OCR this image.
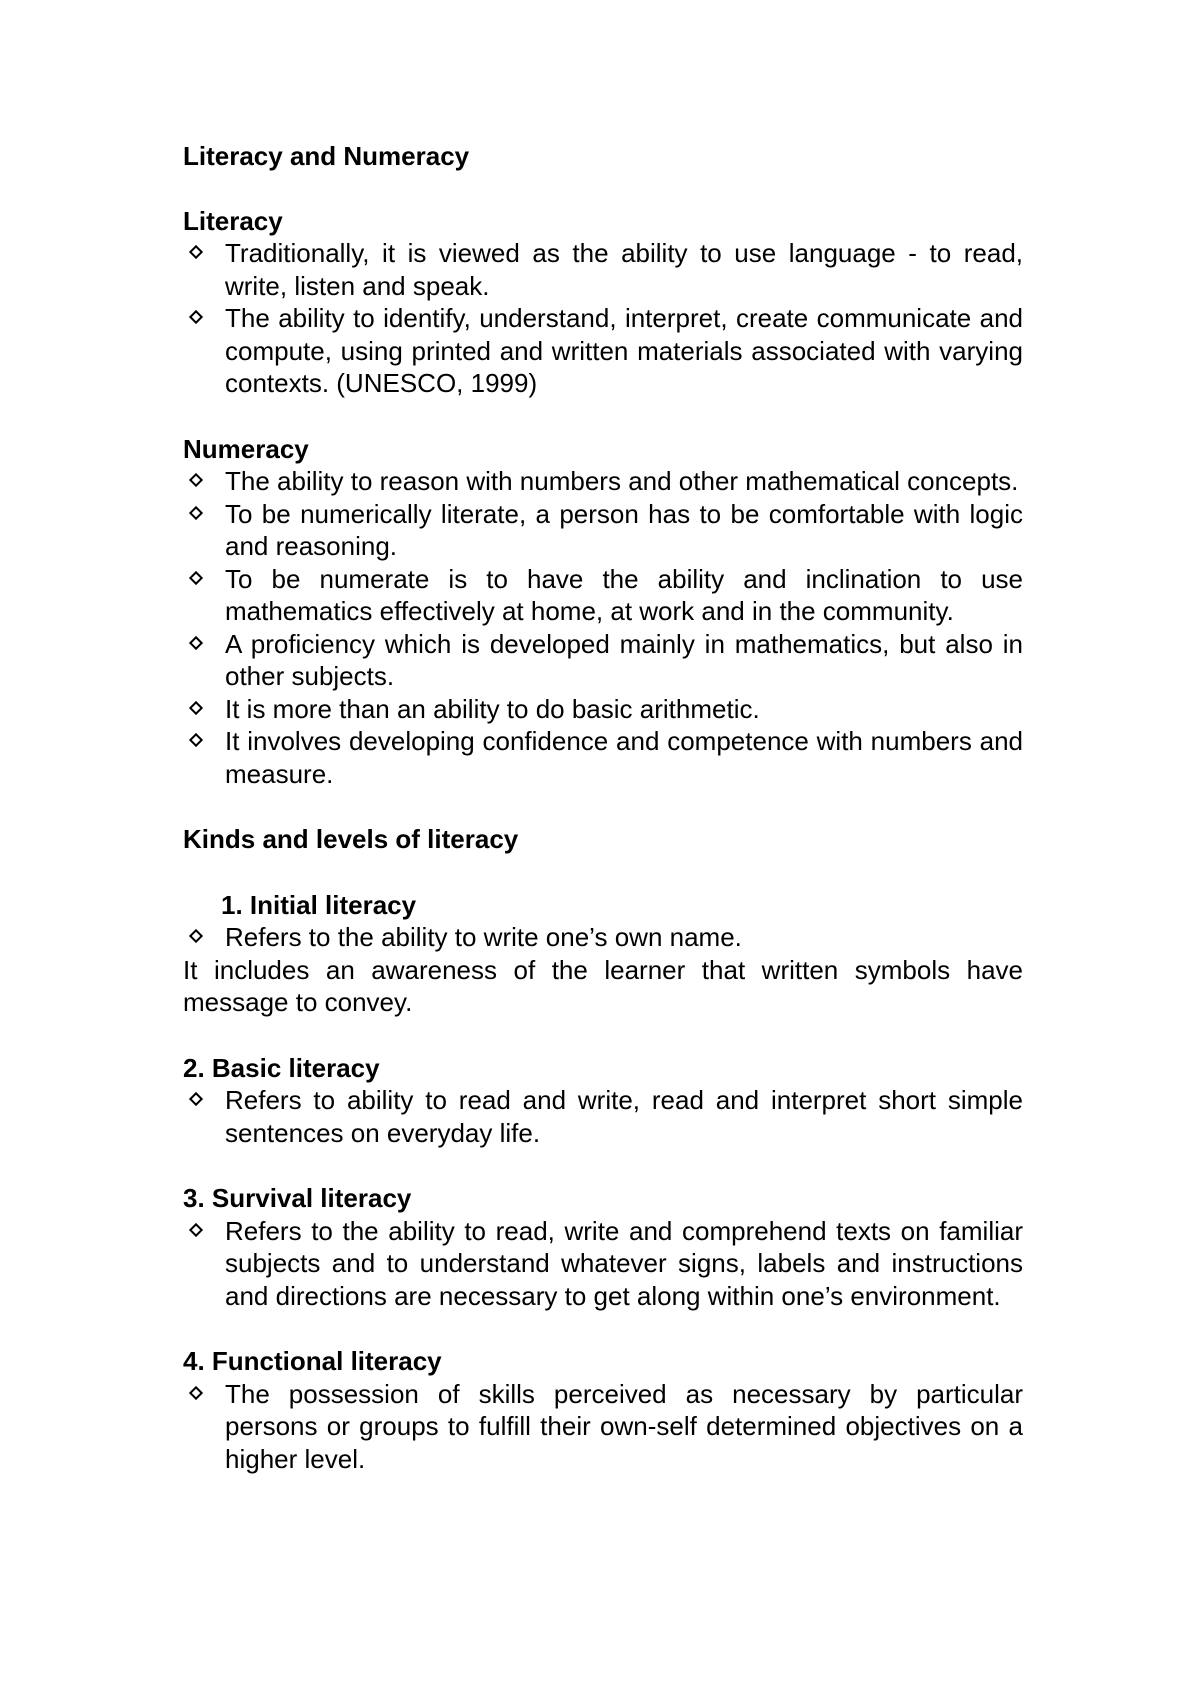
Literacy and Numeracy

Literacy

Traditionally, it is viewed as the ability to use language - to read, write, listen and speak.
The ability to identify, understand, interpret, create communicate and compute, using printed and written materials associated with varying contexts. (UNESCO, 1999)

Numeracy

The ability to reason with numbers and other mathematical concepts.
To be numerically literate, a person has to be comfortable with logic and reasoning.
To be numerate is to have the ability and inclination to use mathematics effectively at home, at work and in the community.
A proficiency which is developed mainly in mathematics, but also in other subjects.
It is more than an ability to do basic arithmetic.
It involves developing confidence and competence with numbers and measure.

Kinds and levels of literacy

1. Initial literacy

Refers to the ability to write one’s own name.

It includes an awareness of the learner that written symbols have message to convey.

2. Basic literacy

Refers to ability to read and write, read and interpret short simple sentences on everyday life.

3. Survival literacy

Refers to the ability to read, write and comprehend texts on familiar subjects and to understand whatever signs, labels and instructions and directions are necessary to get along within one’s environment.

4. Functional literacy

The possession of skills perceived as necessary by particular persons or groups to fulfill their own-self determined objectives on a higher level.
